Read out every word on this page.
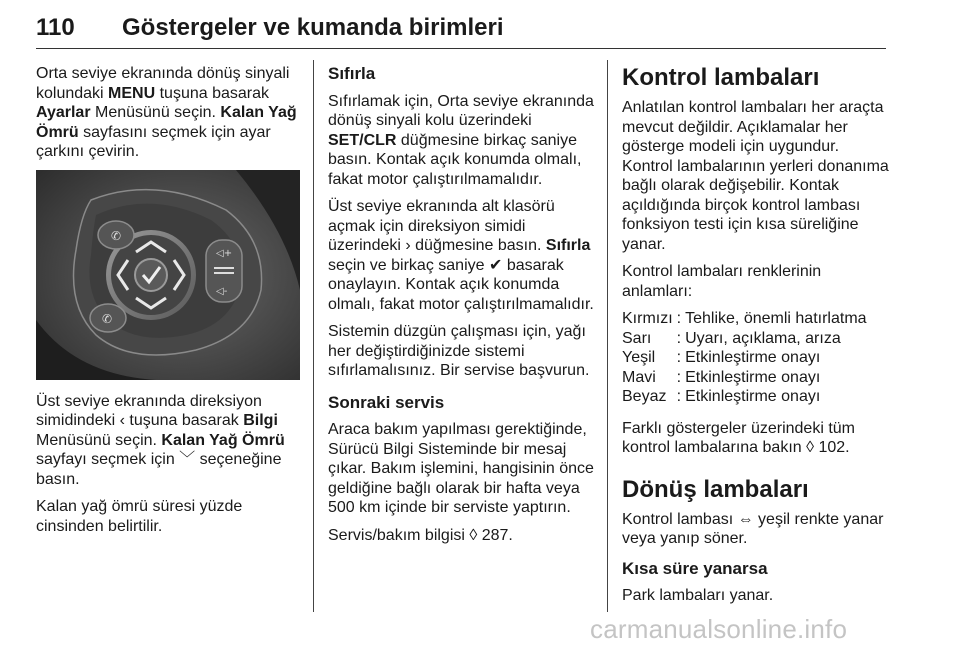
110 Göstergeler ve kumanda birimleri

Orta seviye ekranında dönüş sinyali kolundaki MENU tuşuna basarak Ayarlar Menüsünü seçin. Kalan Yağ Ömrü sayfasını seçmek için ayar çarkını çevirin.

✆
✆
◁+
◁-

Üst seviye ekranında direksiyon simidindeki ‹ tuşuna basarak Bilgi Menüsünü seçin. Kalan Yağ Ömrü sayfayı seçmek için ﹀ seçeneğine basın.

Kalan yağ ömrü süresi yüzde cinsinden belirtilir.

Sıfırla

Sıfırlamak için, Orta seviye ekranında dönüş sinyali kolu üzerindeki SET/CLR düğmesine birkaç saniye basın. Kontak açık konumda olmalı, fakat motor çalıştırılmamalıdır.

Üst seviye ekranında alt klasörü açmak için direksiyon simidi üzerindeki › düğmesine basın. Sıfırla seçin ve birkaç saniye ✔ basarak onaylayın. Kontak açık konumda olmalı, fakat motor çalıştırılmamalıdır.

Sistemin düzgün çalışması için, yağı her değiştirdiğinizde sistemi sıfırlamalısınız. Bir servise başvurun.

Sonraki servis

Araca bakım yapılması gerektiğinde, Sürücü Bilgi Sisteminde bir mesaj çıkar. Bakım işlemini, hangisinin önce geldiğine bağlı olarak bir hafta veya 500 km içinde bir serviste yaptırın.

Servis/bakım bilgisi ◊ 287.

Kontrol lambaları

Anlatılan kontrol lambaları her araçta mevcut değildir. Açıklamalar her gösterge modeli için uygundur. Kontrol lambalarının yerleri donanıma bağlı olarak değişebilir. Kontak açıldığında birçok kontrol lambası fonksiyon testi için kısa süreliğine yanar.

Kontrol lambaları renklerinin anlamları:

Kırmızı	:	Tehlike, önemli hatırlatma
Sarı	:	Uyarı, açıklama, arıza
Yeşil	:	Etkinleştirme onayı
Mavi	:	Etkinleştirme onayı
Beyaz	:	Etkinleştirme onayı

Farklı göstergeler üzerindeki tüm kontrol lambalarına bakın ◊ 102.

Dönüş lambaları

Kontrol lambası ⇔ yeşil renkte yanar veya yanıp söner.

Kısa süre yanarsa

Park lambaları yanar.

carmanualsonline.info
